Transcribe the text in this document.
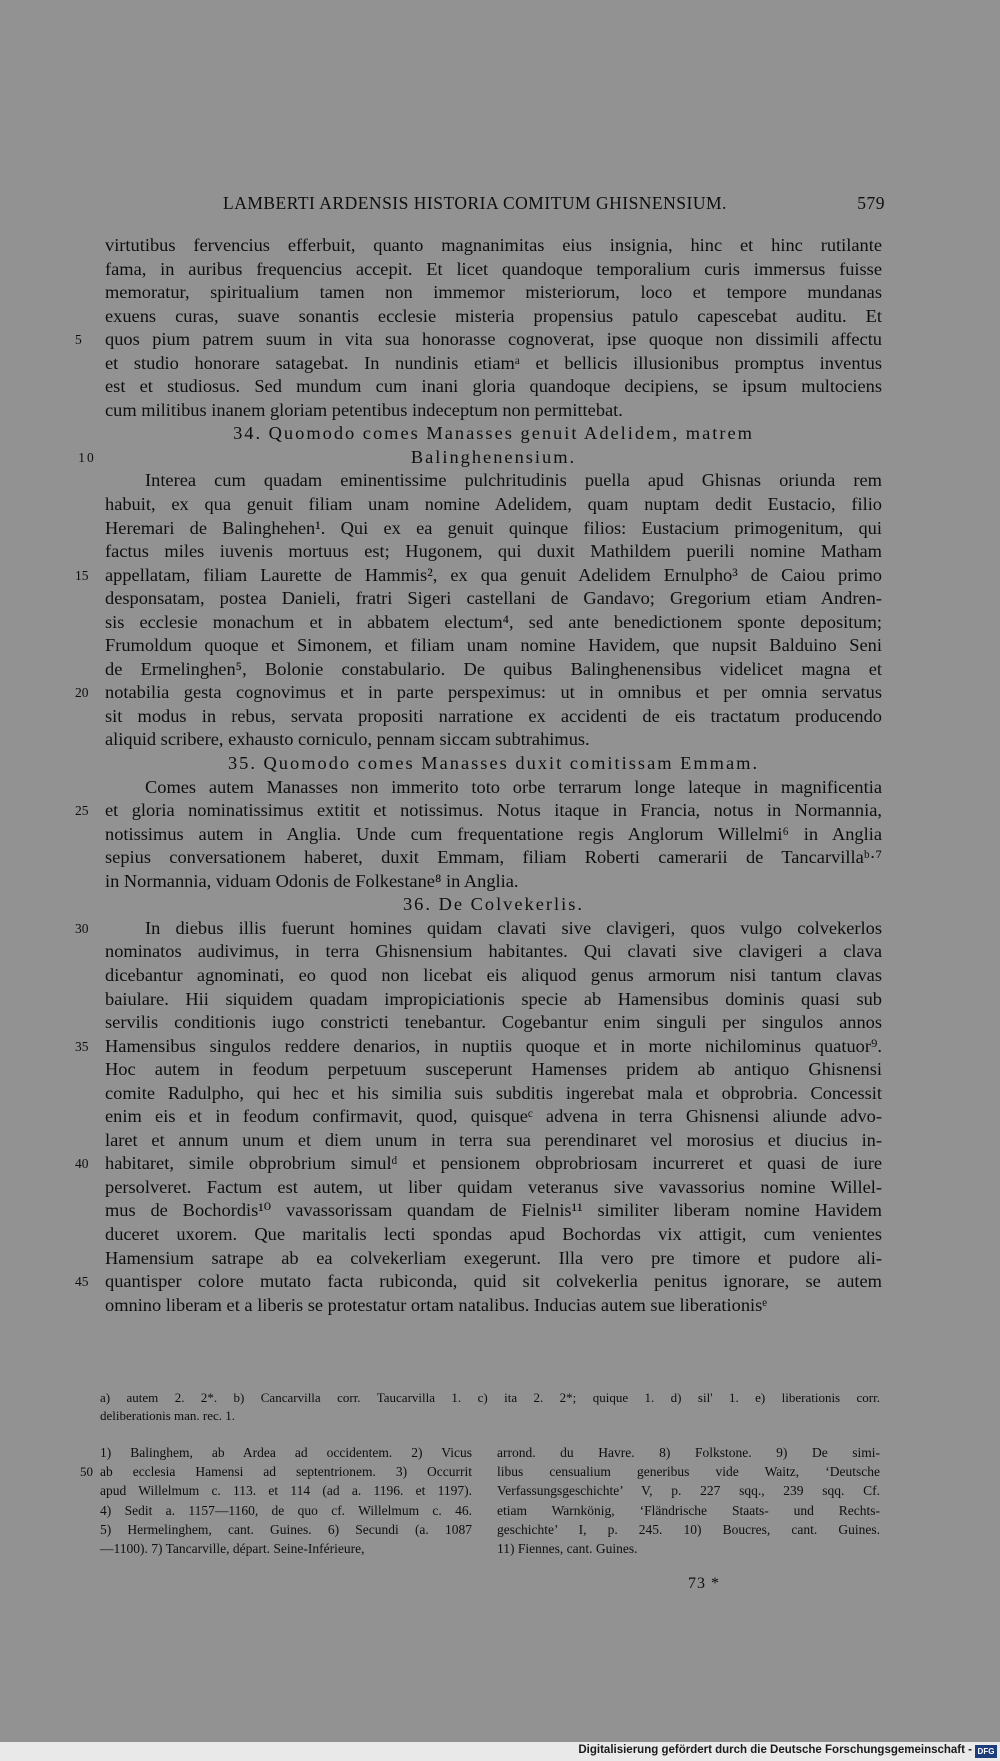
LAMBERTI ARDENSIS HISTORIA COMITUM GHISNENSIUM.	579
virtutibus fervencius efferbuit, quanto magnanimitas eius insignia, hinc et hinc rutilante
fama, in auribus frequencius accepit. Et licet quandoque temporalium curis immersus fuisse
memoratur, spiritualium tamen non immemor misteriorum, loco et tempore mundanas
exuens curas, suave sonantis ecclesie misteria propensius patulo capescebat auditu. Et
5	quos pium patrem suum in vita sua honorasse cognoverat, ipse quoque non dissimili affectu
et studio honorare satagebat. In nundinis etiamᵃ et bellicis illusionibus promptus inventus
est et studiosus. Sed mundum cum inani gloria quandoque decipiens, se ipsum multociens
cum militibus inanem gloriam petentibus indeceptum non permittebat.
34. Quomodo comes Manasses genuit Adelidem, matrem
10	Balinghenensium.
Interea cum quadam eminentissime pulchritudinis puella apud Ghisnas oriunda rem
habuit, ex qua genuit filiam unam nomine Adelidem, quam nuptam dedit Eustacio, filio
Heremari de Balinghehen¹. Qui ex ea genuit quinque filios: Eustacium primogenitum, qui
factus miles iuvenis mortuus est; Hugonem, qui duxit Mathildem puerili nomine Matham
15 appellatam, filiam Laurette de Hammis², ex qua genuit Adelidem Ernulpho³ de Caiou primo
desponsatam, postea Danieli, fratri Sigeri castellani de Gandavo; Gregorium etiam Andren-
sis ecclesie monachum et in abbatem electum⁴, sed ante benedictionem sponte depositum;
Frumoldum quoque et Simonem, et filiam unam nomine Havidem, que nupsit Balduino Seni
de Ermelinghen⁵, Bolonie constabulario. De quibus Balinghenensibus videlicet magna et
20 notabilia gesta cognovimus et in parte perspeximus: ut in omnibus et per omnia servatus
sit modus in rebus, servata propositi narratione ex accidenti de eis tractatum producendo
aliquid scribere, exhausto corniculo, pennam siccam subtrahimus.
35. Quomodo comes Manasses duxit comitissam Emmam.
Comes autem Manasses non immerito toto orbe terrarum longe lateque in magnificentia
25 et gloria nominatissimus extitit et notissimus. Notus itaque in Francia, notus in Normannia,
notissimus autem in Anglia. Unde cum frequentatione regis Anglorum Willelmi⁶ in Anglia
sepius conversationem haberet, duxit Emmam, filiam Roberti camerarii de Tancarvillaᵇ·⁷
in Normannia, viduam Odonis de Folkestane⁸ in Anglia.
36. De Colvekerlis.
30	In diebus illis fuerunt homines quidam clavati sive clavigeri, quos vulgo colvekerlos
nominatos audivimus, in terra Ghisnensium habitantes. Qui clavati sive clavigeri a clava
dicebantur agnominati, eo quod non licebat eis aliquod genus armorum nisi tantum clavas
baiulare. Hii siquidem quadam impropiciationis specie ab Hamensibus dominis quasi sub
servilis conditionis iugo constricti tenebantur. Cogebantur enim singuli per singulos annos
35 Hamensibus singulos reddere denarios, in nuptiis quoque et in morte nichilominus quatuor⁹.
Hoc autem in feodum perpetuum susceperunt Hamenses pridem ab antiquo Ghisnensi
comite Radulpho, qui hec et his similia suis subditis ingerebat mala et obprobria. Concessit
enim eis et in feodum confirmavit, quod, quisqueᶜ advena in terra Ghisnensi aliunde advo-
laret et annum unum et diem unum in terra sua perendinaret vel morosius et diucius in-
40 habitaret, simile obprobrium simulᵈ et pensionem obprobriosam incurreret et quasi de iure
persolveret. Factum est autem, ut liber quidam veteranus sive vavassorius nomine Willel-
mus de Bochordis¹⁰ vavassorissam quandam de Fielnis¹¹ similiter liberam nomine Havidem
duceret uxorem. Que maritalis lecti spondas apud Bochordas vix attigit, cum venientes
Hamensium satrape ab ea colvekerliam exegerunt. Illa vero pre timore et pudore ali-
45 quantisper colore mutato facta rubiconda, quid sit colvekerlia penitus ignorare, se autem
omnino liberam et a liberis se protestatur ortam natalibus. Inducias autem sue liberationisᵉ
a) autem 2. 2*. b) Cancarvilla corr. Taucarvilla 1. c) ita 2. 2*; quique 1. d) sil' 1. e) liberationis corr.
deliberationis man. rec. 1.
1) Balinghem, ab Ardea ad occidentem. 2) Vicus
50 ab ecclesia Hamensi ad septentrionem. 3) Occurrit
apud Willelmum c. 113. et 114 (ad a. 1196. et 1197).
4) Sedit a. 1157—1160, de quo cf. Willelmum c. 46.
5) Hermelinghem, cant. Guines. 6) Secundi (a. 1087
—1100). 7) Tancarville, départ. Seine-Inférieure,
arrond. du Havre. 8) Folkstone. 9) De simi-
libus censualium generibus vide Waitz, ‘Deutsche
Verfassungsgeschichte’ V, p. 227 sqq., 239 sqq. Cf.
etiam Warnkönig, ‘Fländrische Staats- und Rechts-
geschichte’ I, p. 245. 10) Boucres, cant. Guines.
11) Fiennes, cant. Guines.
73 *
Digitalisierung gefördert durch die Deutsche Forschungsgemeinschaft - DFG
